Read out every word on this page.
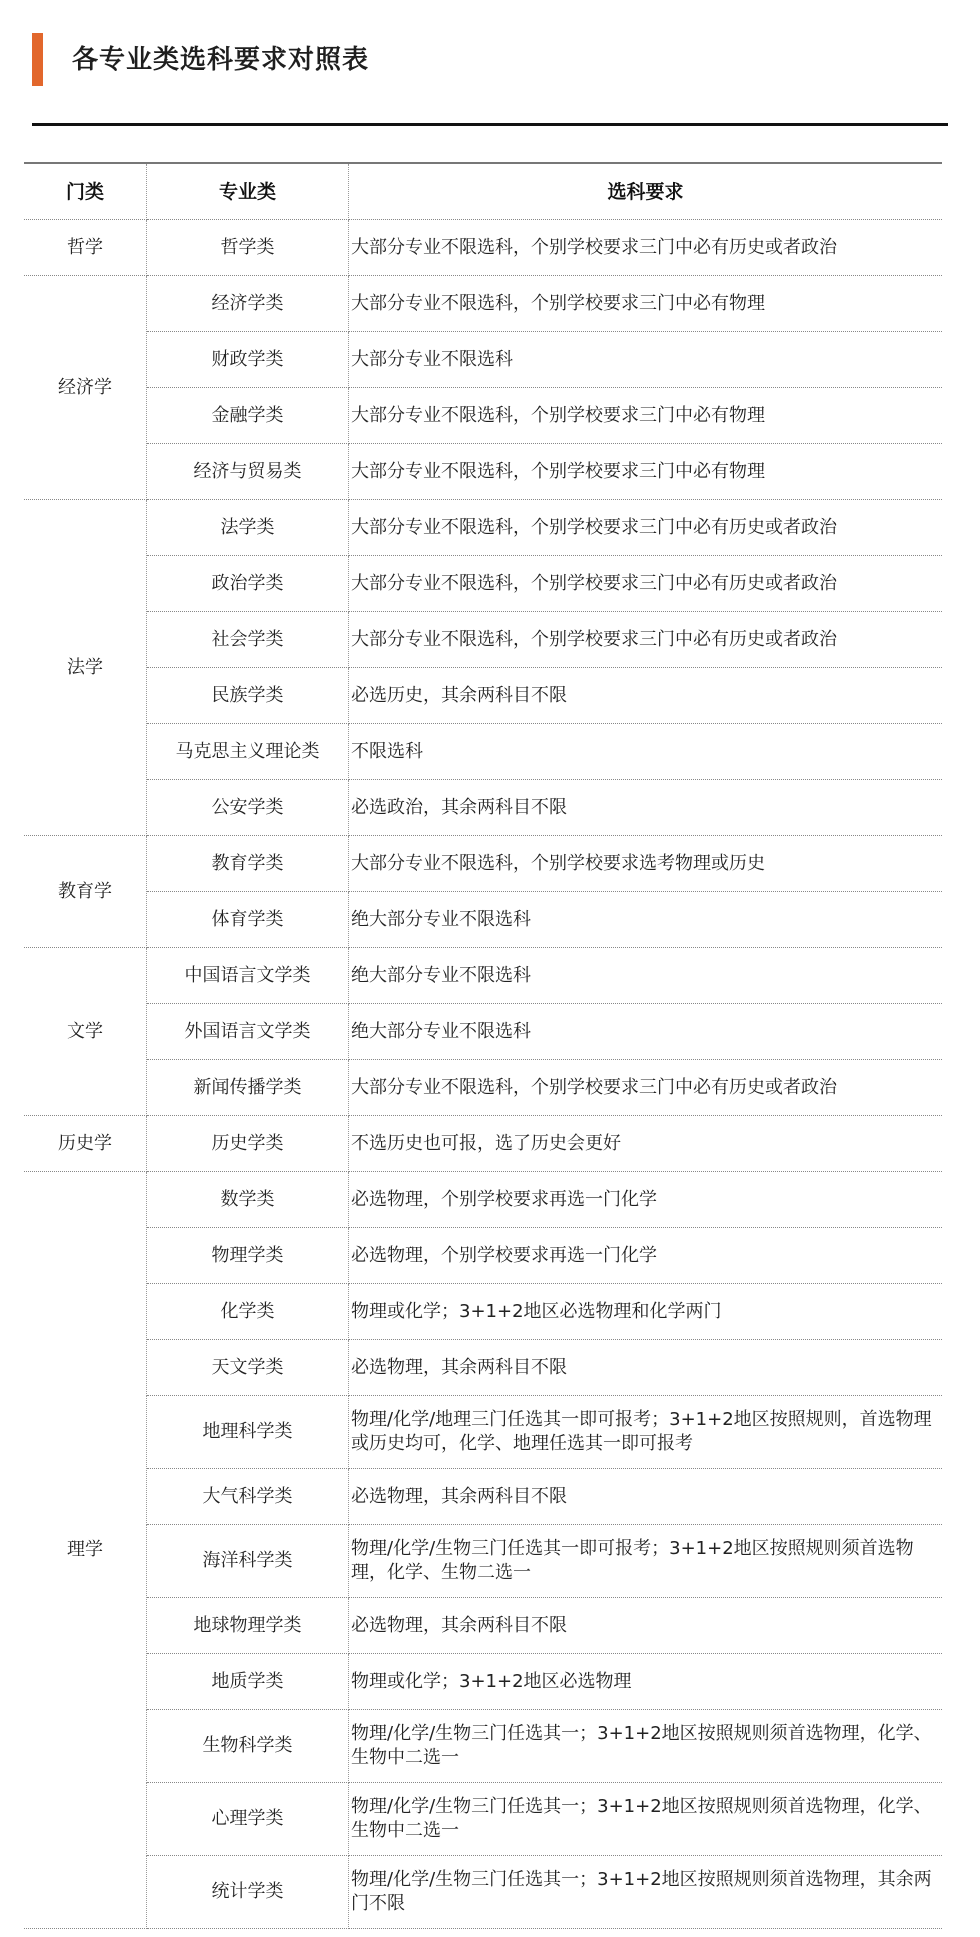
各专业类选科要求对照表
门类	专业类	选科要求
哲学	哲学类	大部分专业不限选科，个别学校要求三门中必有历史或者政治
经济学	经济学类	大部分专业不限选科，个别学校要求三门中必有物理
	财政学类	大部分专业不限选科
	金融学类	大部分专业不限选科，个别学校要求三门中必有物理
	经济与贸易类	大部分专业不限选科，个别学校要求三门中必有物理
法学	法学类	大部分专业不限选科，个别学校要求三门中必有历史或者政治
	政治学类	大部分专业不限选科，个别学校要求三门中必有历史或者政治
	社会学类	大部分专业不限选科，个别学校要求三门中必有历史或者政治
	民族学类	必选历史，其余两科目不限
	马克思主义理论类	不限选科
	公安学类	必选政治，其余两科目不限
教育学	教育学类	大部分专业不限选科，个别学校要求选考物理或历史
	体育学类	绝大部分专业不限选科
文学	中国语言文学类	绝大部分专业不限选科
	外国语言文学类	绝大部分专业不限选科
	新闻传播学类	大部分专业不限选科，个别学校要求三门中必有历史或者政治
历史学	历史学类	不选历史也可报，选了历史会更好
理学	数学类	必选物理，个别学校要求再选一门化学
	物理学类	必选物理，个别学校要求再选一门化学
	化学类	物理或化学；3+1+2地区必选物理和化学两门
	天文学类	必选物理，其余两科目不限
	地理科学类	物理/化学/地理三门任选其一即可报考；3+1+2地区按照规则，首选物理或历史均可，化学、地理任选其一即可报考
	大气科学类	必选物理，其余两科目不限
	海洋科学类	物理/化学/生物三门任选其一即可报考；3+1+2地区按照规则须首选物理，化学、生物二选一
	地球物理学类	必选物理，其余两科目不限
	地质学类	物理或化学；3+1+2地区必选物理
	生物科学类	物理/化学/生物三门任选其一；3+1+2地区按照规则须首选物理，化学、生物中二选一
	心理学类	物理/化学/生物三门任选其一；3+1+2地区按照规则须首选物理，化学、生物中二选一
	统计学类	物理/化学/生物三门任选其一；3+1+2地区按照规则须首选物理，其余两门不限
